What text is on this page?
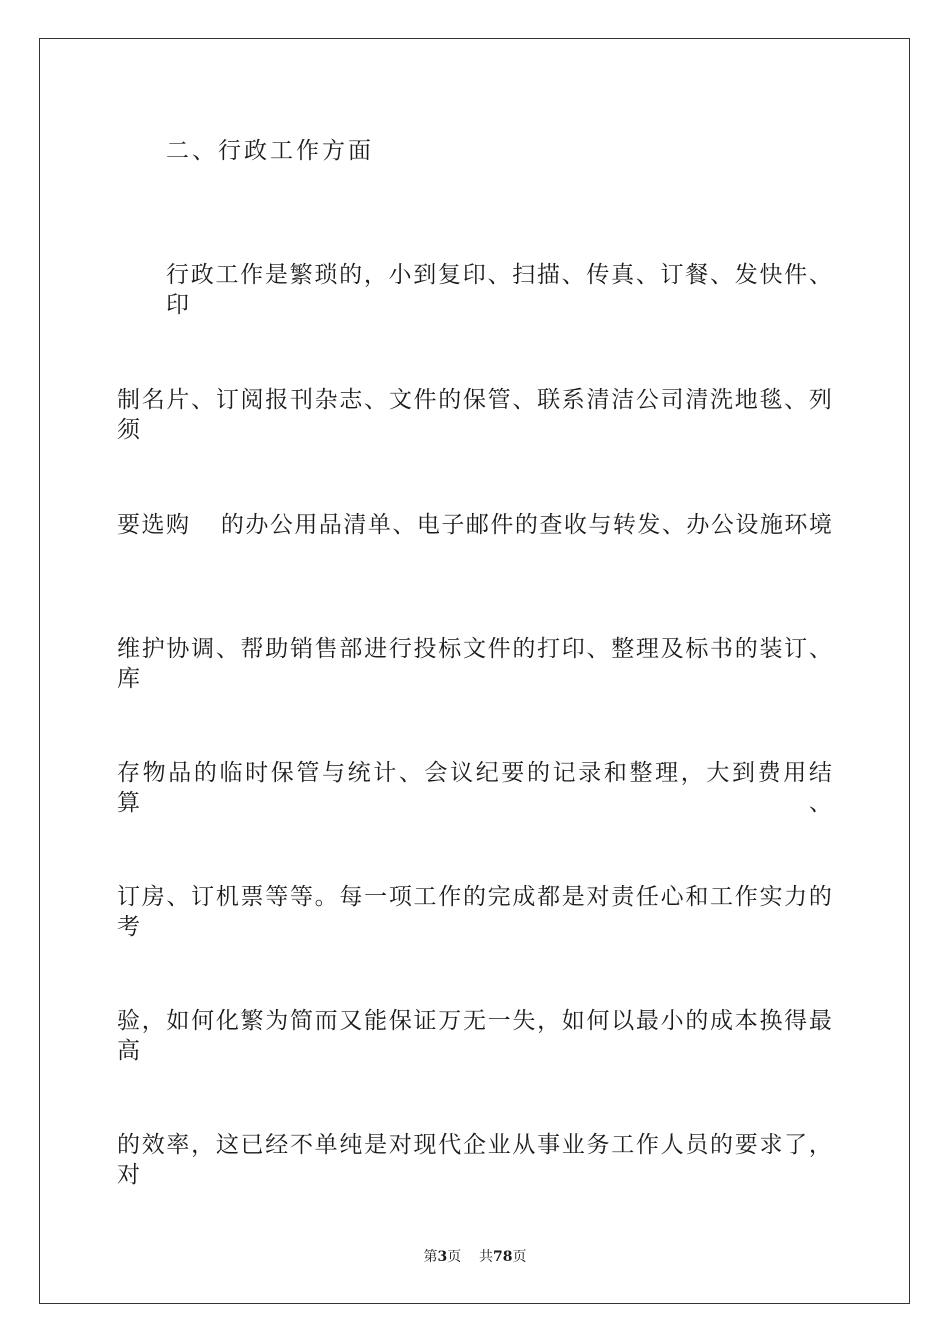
二、行政工作方面
行政工作是繁琐的，小到复印、扫描、传真、订餐、发快件、印
制名片、订阅报刊杂志、文件的保管、联系清洁公司清洗地毯、列须
要选购 的办公用品清单、电子邮件的查收与转发、办公设施环境
维护协调、帮助销售部进行投标文件的打印、整理及标书的装订、库
存物品的临时保管与统计、会议纪要的记录和整理，大到费用结算、
订房、订机票等等。每一项工作的完成都是对责任心和工作实力的考
验，如何化繁为简而又能保证万无一失，如何以最小的成本换得最高
的效率，这已经不单纯是对现代企业从事业务工作人员的要求了，对
第3页 共78页
